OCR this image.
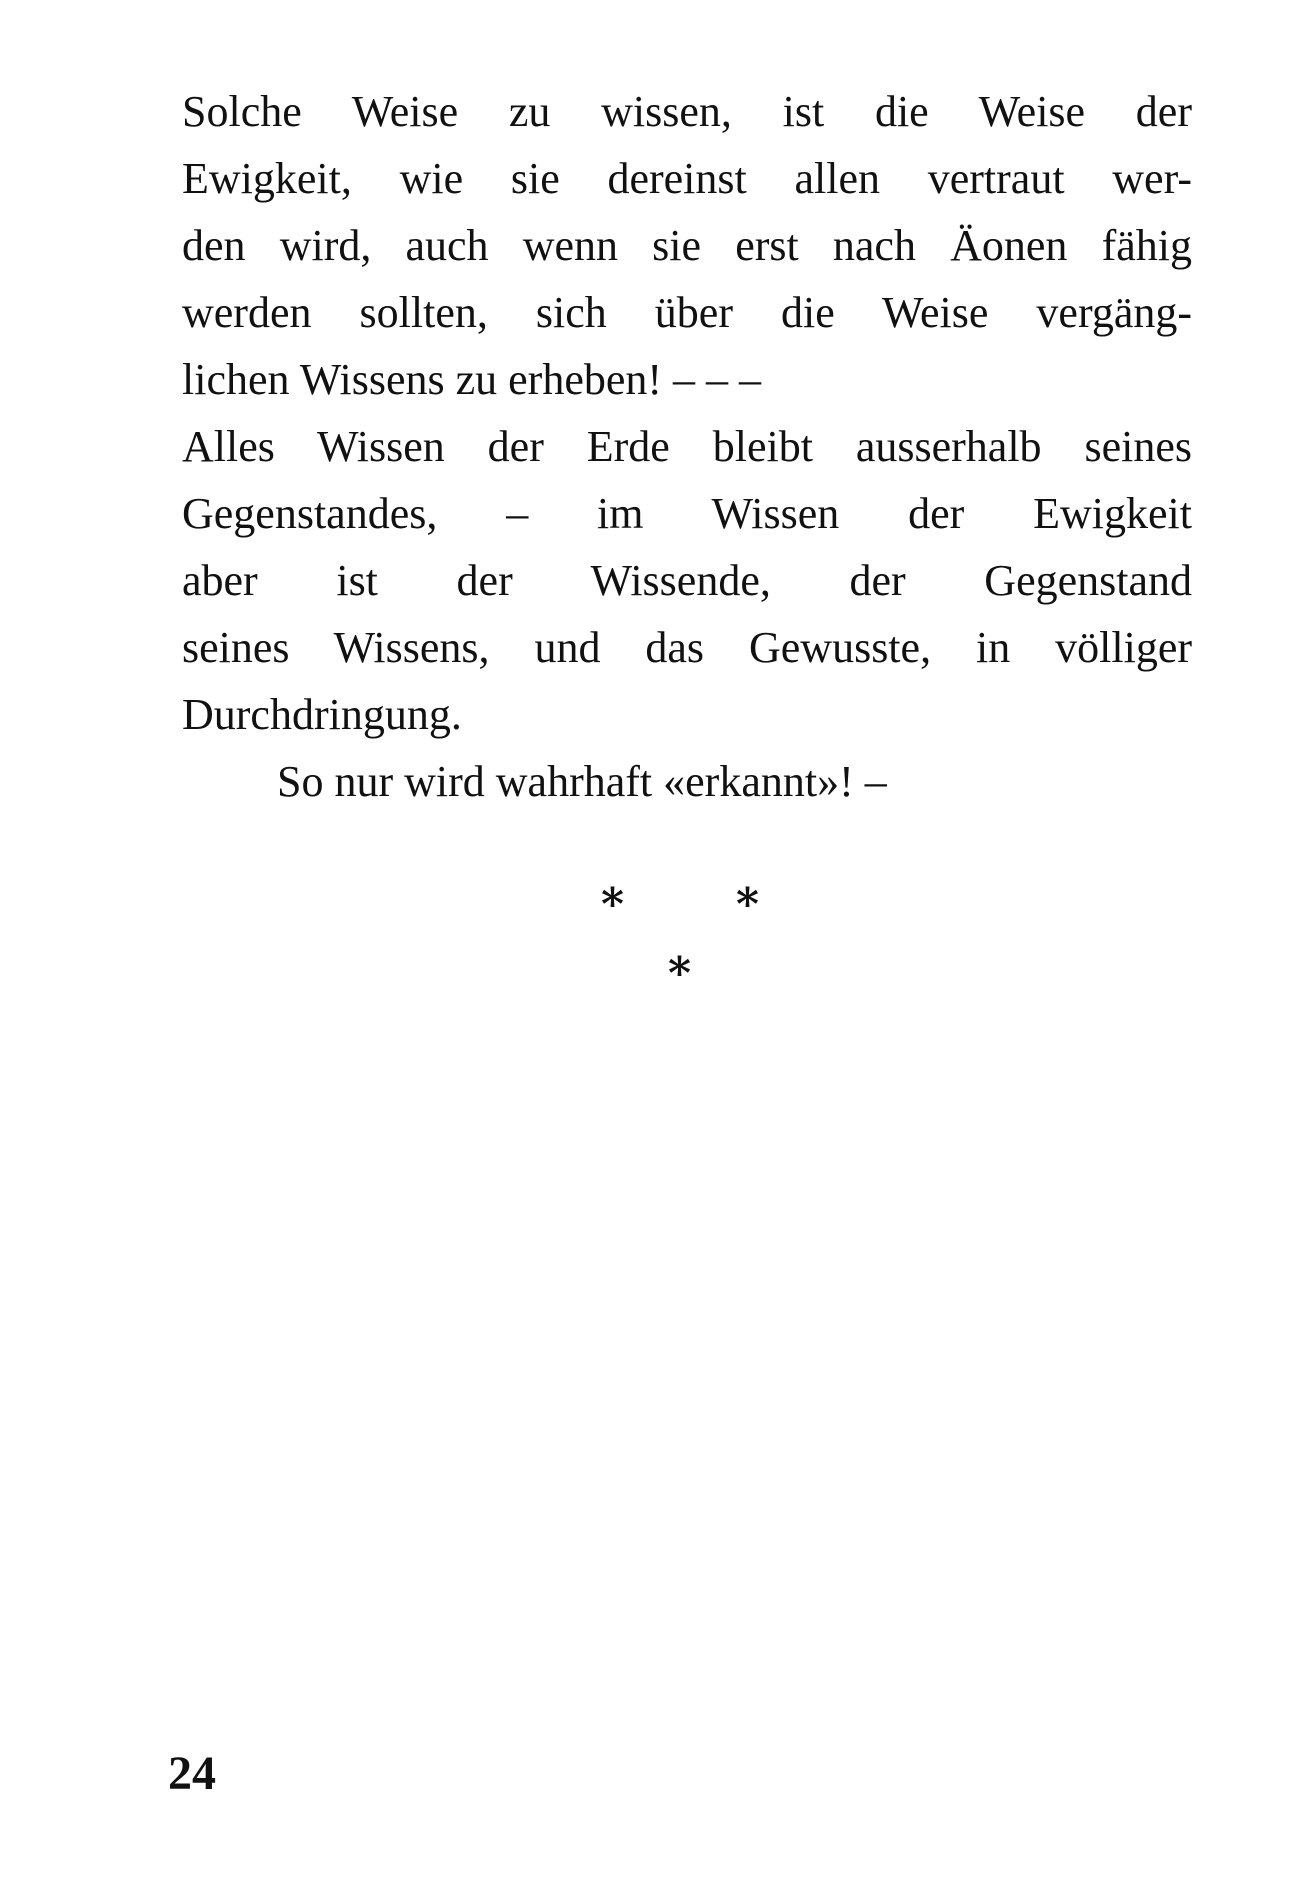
Solche Weise zu wissen, ist die Weise der
Ewigkeit, wie sie dereinst allen vertraut wer-
den wird, auch wenn sie erst nach Äonen fähig
werden sollten, sich über die Weise vergäng-
lichen Wissens zu erheben! – – –
Alles Wissen der Erde bleibt ausserhalb seines
Gegenstandes, – im Wissen der Ewigkeit
aber ist der Wissende, der Gegenstand
seines Wissens, und das Gewusste, in völliger
Durchdringung.
So nur wird wahrhaft «erkannt»! –
*	*
*
24
